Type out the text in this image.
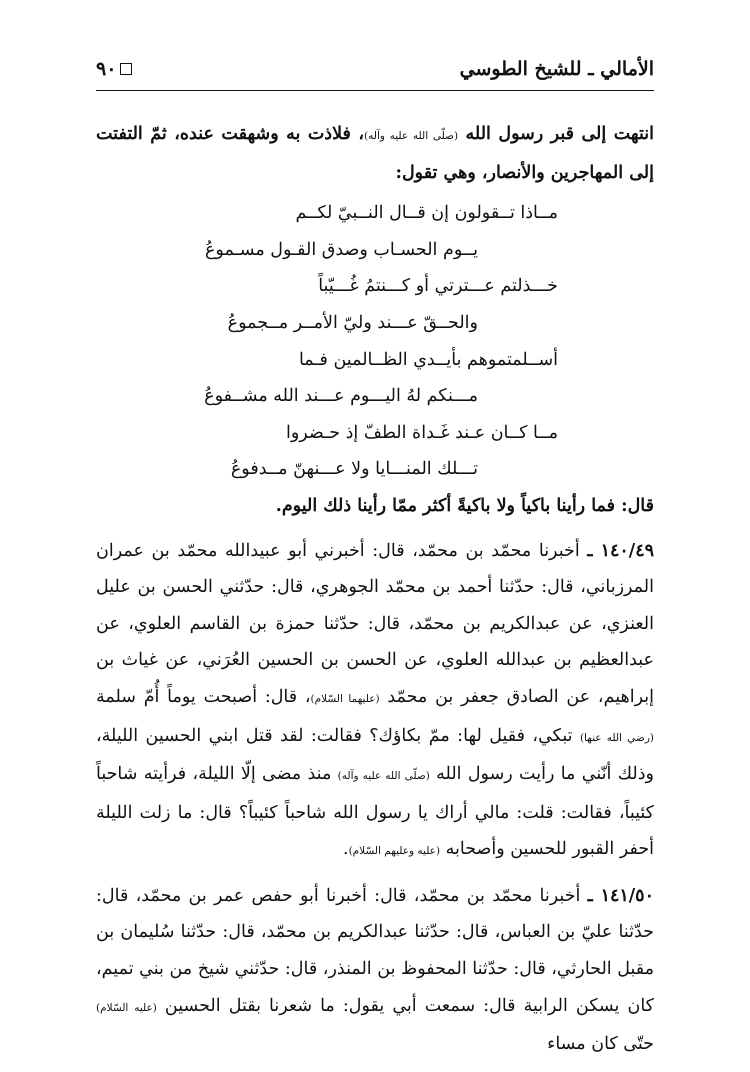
الأمالي ـ للشيخ الطوسي
٩٠

انتهت إلى قبر رسول الله (صلّى الله عليه وآله)، فلاذت به وشهقت عنده، ثمّ التفتت إلى المهاجرين والأنصار، وهي تقول:

مــاذا تــقولون إن قــال النــبيّ لكــم
يــوم الحسـاب وصدق القـول مسـموعُ
خـــذلتم عـــترتي أو كـــنتمُ غُـــيّباً
والحــقّ عـــند وليّ الأمــر مــجموعُ
أســلمتموهم بأيــدي الظــالمين فـما
مـــنكم لهُ اليـــوم عـــند الله مشــفوعُ
مــا كــان عـند غَـداة الطفّ إذ حـضروا
تـــلك المنـــايا ولا عـــنهنّ مــدفوعُ

قال: فما رأينا باكياً ولا باكيةً أكثر ممّا رأينا ذلك اليوم.

١٤٠/٤٩ ـ أخبرنا محمّد بن محمّد، قال: أخبرني أبو عبيدالله محمّد بن عمران المرزباني، قال: حدّثنا أحمد بن محمّد الجوهري، قال: حدّثني الحسن بن عليل العنزي، عن عبدالكريم بن محمّد، قال: حدّثنا حمزة بن القاسم العلوي، عن عبدالعظيم بن عبدالله العلوي، عن الحسن بن الحسين العُرَني، عن غياث بن إبراهيم، عن الصادق جعفر بن محمّد (عليهما السّلام)، قال: أصبحت يوماً أُمّ سلمة (رضي الله عنها) تبكي، فقيل لها: ممّ بكاؤك؟ فقالت: لقد قتل ابني الحسين الليلة، وذلك أنّني ما رأيت رسول الله (صلّى الله عليه وآله) منذ مضى إلّا الليلة، فرأيته شاحباً كئيباً، فقالت: قلت: مالي أراك يا رسول الله شاحباً كئيباً؟ قال: ما زلت الليلة أحفر القبور للحسين وأصحابه (عليه وعليهم السّلام).

١٤١/٥٠ ـ أخبرنا محمّد بن محمّد، قال: أخبرنا أبو حفص عمر بن محمّد، قال: حدّثنا عليّ بن العباس، قال: حدّثنا عبدالكريم بن محمّد، قال: حدّثنا سُليمان بن مقبل الحارثي، قال: حدّثنا المحفوظ بن المنذر، قال: حدّثني شيخ من بني تميم، كان يسكن الرابية قال: سمعت أبي يقول: ما شعرنا بقتل الحسين (عليه السّلام) حتّى كان مساء
